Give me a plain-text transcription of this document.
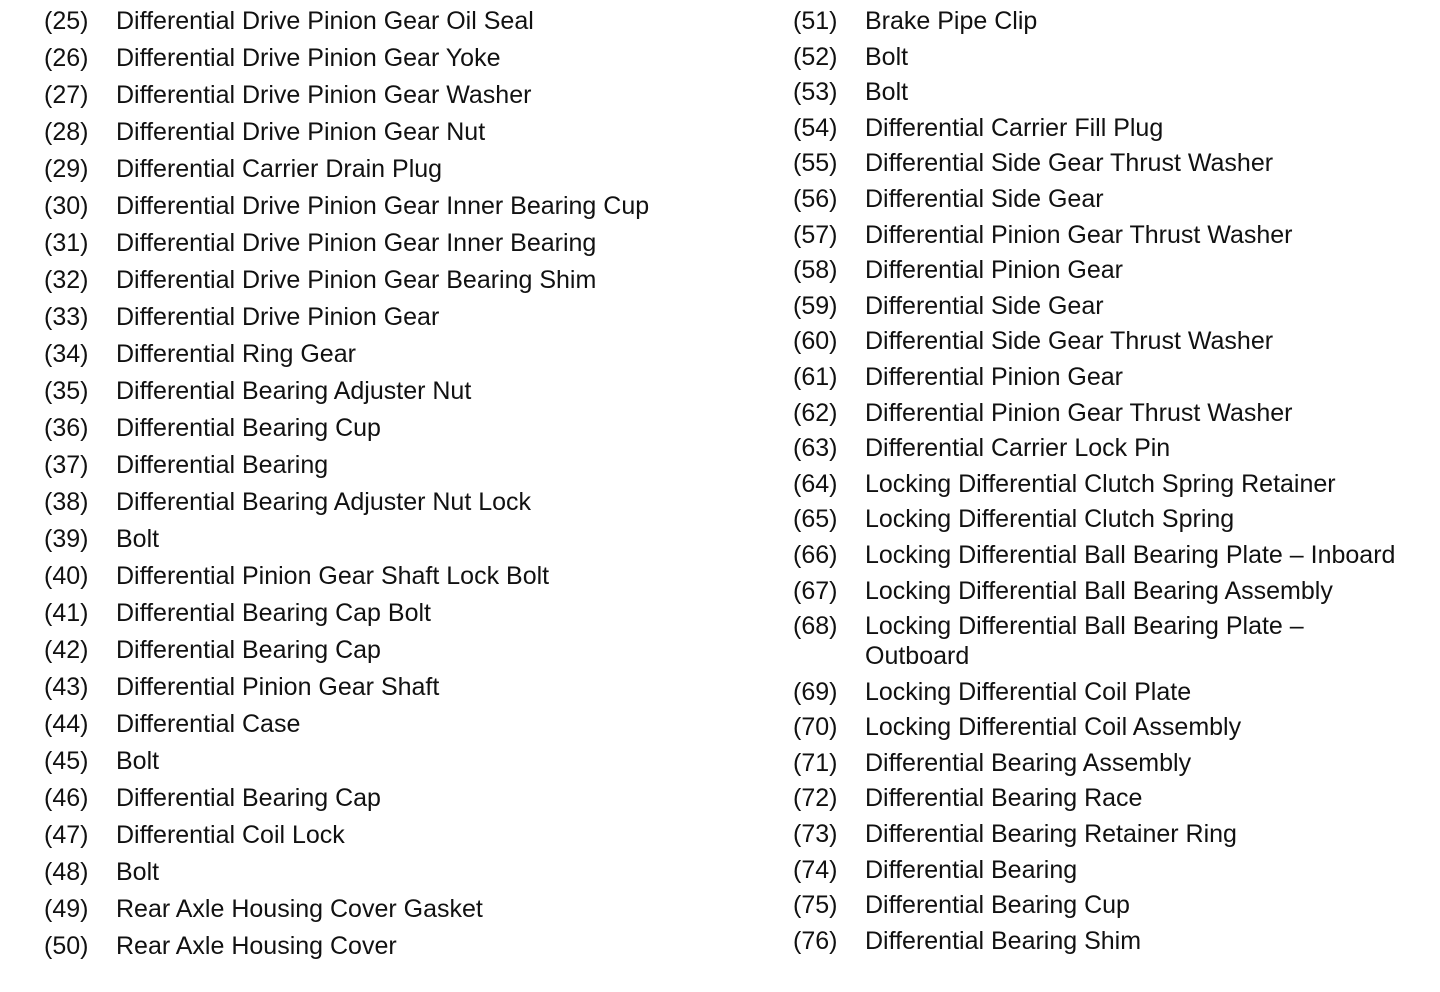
(25)	Differential Drive Pinion Gear Oil Seal
(26)	Differential Drive Pinion Gear Yoke
(27)	Differential Drive Pinion Gear Washer
(28)	Differential Drive Pinion Gear Nut
(29)	Differential Carrier Drain Plug
(30)	Differential Drive Pinion Gear Inner Bearing Cup
(31)	Differential Drive Pinion Gear Inner Bearing
(32)	Differential Drive Pinion Gear Bearing Shim
(33)	Differential Drive Pinion Gear
(34)	Differential Ring Gear
(35)	Differential Bearing Adjuster Nut
(36)	Differential Bearing Cup
(37)	Differential Bearing
(38)	Differential Bearing Adjuster Nut Lock
(39)	Bolt
(40)	Differential Pinion Gear Shaft Lock Bolt
(41)	Differential Bearing Cap Bolt
(42)	Differential Bearing Cap
(43)	Differential Pinion Gear Shaft
(44)	Differential Case
(45)	Bolt
(46)	Differential Bearing Cap
(47)	Differential Coil Lock
(48)	Bolt
(49)	Rear Axle Housing Cover Gasket
(50)	Rear Axle Housing Cover
(51)	Brake Pipe Clip
(52)	Bolt
(53)	Bolt
(54)	Differential Carrier Fill Plug
(55)	Differential Side Gear Thrust Washer
(56)	Differential Side Gear
(57)	Differential Pinion Gear Thrust Washer
(58)	Differential Pinion Gear
(59)	Differential Side Gear
(60)	Differential Side Gear Thrust Washer
(61)	Differential Pinion Gear
(62)	Differential Pinion Gear Thrust Washer
(63)	Differential Carrier Lock Pin
(64)	Locking Differential Clutch Spring Retainer
(65)	Locking Differential Clutch Spring
(66)	Locking Differential Ball Bearing Plate – Inboard
(67)	Locking Differential Ball Bearing Assembly
(68)	Locking Differential Ball Bearing Plate – Outboard
(69)	Locking Differential Coil Plate
(70)	Locking Differential Coil Assembly
(71)	Differential Bearing Assembly
(72)	Differential Bearing Race
(73)	Differential Bearing Retainer Ring
(74)	Differential Bearing
(75)	Differential Bearing Cup
(76)	Differential Bearing Shim
